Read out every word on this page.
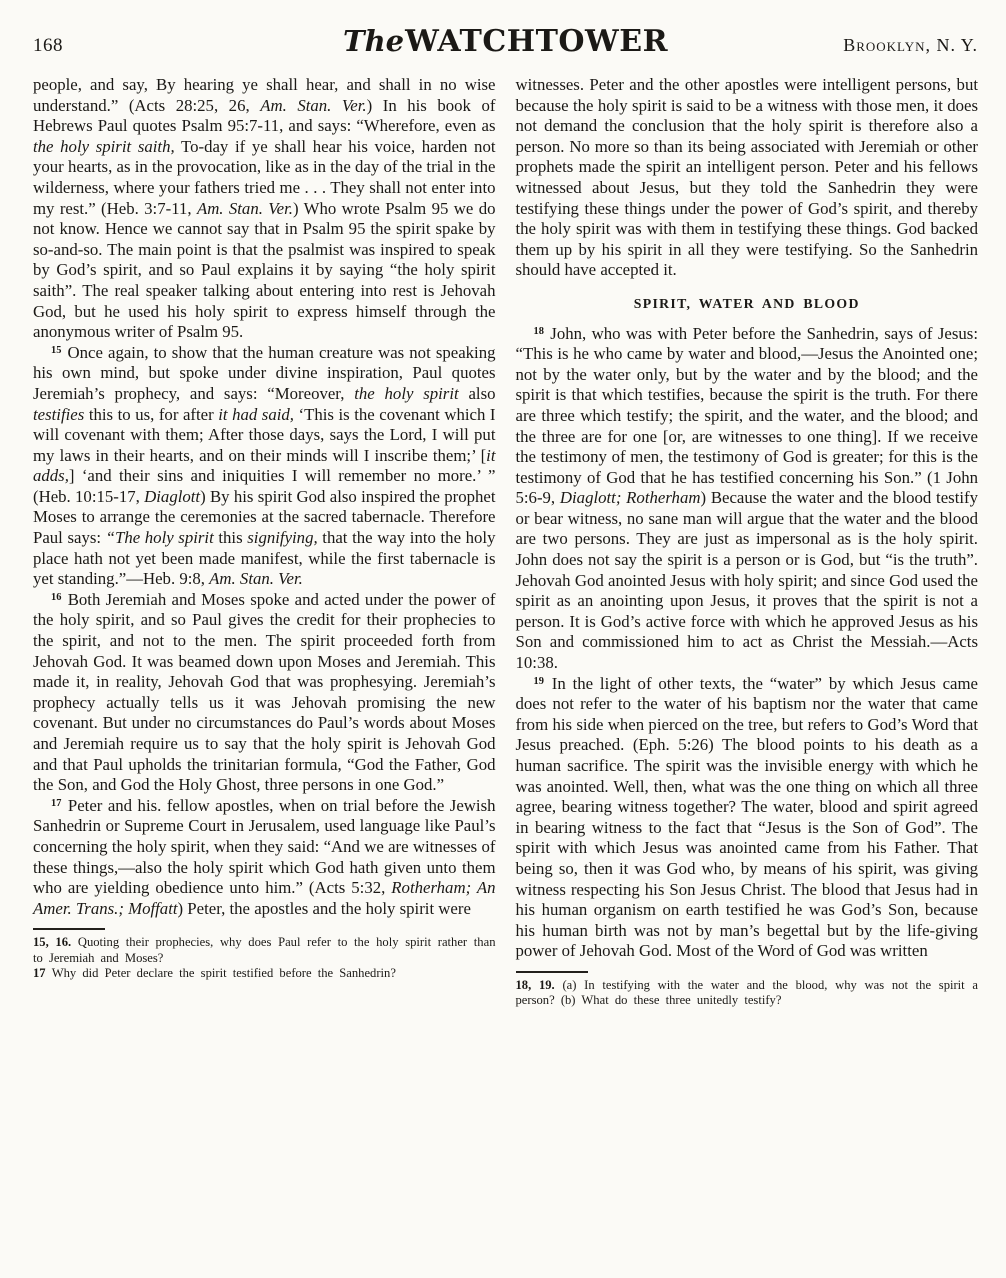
168	TheWATCHTOWER	Brooklyn, N. Y.

people, and say, By hearing ye shall hear, and shall in no wise understand.” (Acts 28:25, 26, Am. Stan. Ver.) In his book of Hebrews Paul quotes Psalm 95:7-11, and says: “Wherefore, even as the holy spirit saith, To-day if ye shall hear his voice, harden not your hearts, as in the provocation, like as in the day of the trial in the wilderness, where your fathers tried me . . . They shall not enter into my rest.” (Heb. 3:7-11, Am. Stan. Ver.) Who wrote Psalm 95 we do not know. Hence we cannot say that in Psalm 95 the spirit spake by so-and-so. The main point is that the psalmist was inspired to speak by God’s spirit, and so Paul explains it by saying “the holy spirit saith”. The real speaker talking about entering into rest is Jehovah God, but he used his holy spirit to express himself through the anonymous writer of Psalm 95.

$^{15}$ Once again, to show that the human creature was not speaking his own mind, but spoke under divine inspiration, Paul quotes Jeremiah’s prophecy, and says: “Moreover, the holy spirit also testifies this to us, for after it had said, ‘This is the covenant which I will covenant with them; After those days, says the Lord, I will put my laws in their hearts, and on their minds will I inscribe them;’ [it adds,] ‘and their sins and iniquities I will remember no more.’ ” (Heb. 10:15-17, Diaglott) By his spirit God also inspired the prophet Moses to arrange the ceremonies at the sacred tabernacle. Therefore Paul says: “The holy spirit this signifying, that the way into the holy place hath not yet been made manifest, while the first tabernacle is yet standing.”—Heb. 9:8, Am. Stan. Ver.

$^{16}$ Both Jeremiah and Moses spoke and acted under the power of the holy spirit, and so Paul gives the credit for their prophecies to the spirit, and not to the men. The spirit proceeded forth from Jehovah God. It was beamed down upon Moses and Jeremiah. This made it, in reality, Jehovah God that was prophesying. Jeremiah’s prophecy actually tells us it was Jehovah promising the new covenant. But under no circumstances do Paul’s words about Moses and Jeremiah require us to say that the holy spirit is Jehovah God and that Paul upholds the trinitarian formula, “God the Father, God the Son, and God the Holy Ghost, three persons in one God.”

$^{17}$ Peter and his. fellow apostles, when on trial before the Jewish Sanhedrin or Supreme Court in Jerusalem, used language like Paul’s concerning the holy spirit, when they said: “And we are witnesses of these things,—also the holy spirit which God hath given unto them who are yielding obedience unto him.” (Acts 5:32, Rotherham; An Amer. Trans.; Moffatt) Peter, the apostles and the holy spirit were

15, 16. Quoting their prophecies, why does Paul refer to the holy spirit rather than to Jeremiah and Moses?

17 Why did Peter declare the spirit testified before the Sanhedrin?

witnesses. Peter and the other apostles were intelligent persons, but because the holy spirit is said to be a witness with those men, it does not demand the conclusion that the holy spirit is therefore also a person. No more so than its being associated with Jeremiah or other prophets made the spirit an intelligent person. Peter and his fellows witnessed about Jesus, but they told the Sanhedrin they were testifying these things under the power of God’s spirit, and thereby the holy spirit was with them in testifying these things. God backed them up by his spirit in all they were testifying. So the Sanhedrin should have accepted it.

SPIRIT, WATER AND BLOOD

$^{18}$ John, who was with Peter before the Sanhedrin, says of Jesus: “This is he who came by water and blood,—Jesus the Anointed one; not by the water only, but by the water and by the blood; and the spirit is that which testifies, because the spirit is the truth. For there are three which testify; the spirit, and the water, and the blood; and the three are for one [or, are witnesses to one thing]. If we receive the testimony of men, the testimony of God is greater; for this is the testimony of God that he has testified concerning his Son.” (1 John 5:6-9, Diaglott; Rotherham) Because the water and the blood testify or bear witness, no sane man will argue that the water and the blood are two persons. They are just as impersonal as is the holy spirit. John does not say the spirit is a person or is God, but “is the truth”. Jehovah God anointed Jesus with holy spirit; and since God used the spirit as an anointing upon Jesus, it proves that the spirit is not a person. It is God’s active force with which he approved Jesus as his Son and commissioned him to act as Christ the Messiah.—Acts 10:38.

$^{19}$ In the light of other texts, the “water” by which Jesus came does not refer to the water of his baptism nor the water that came from his side when pierced on the tree, but refers to God’s Word that Jesus preached. (Eph. 5:26) The blood points to his death as a human sacrifice. The spirit was the invisible energy with which he was anointed. Well, then, what was the one thing on which all three agree, bearing witness together? The water, blood and spirit agreed in bearing witness to the fact that “Jesus is the Son of God”. The spirit with which Jesus was anointed came from his Father. That being so, then it was God who, by means of his spirit, was giving witness respecting his Son Jesus Christ. The blood that Jesus had in his human organism on earth testified he was God’s Son, because his human birth was not by man’s begettal but by the life-giving power of Jehovah God. Most of the Word of God was written

18, 19. (a) In testifying with the water and the blood, why was not the spirit a person? (b) What do these three unitedly testify?
